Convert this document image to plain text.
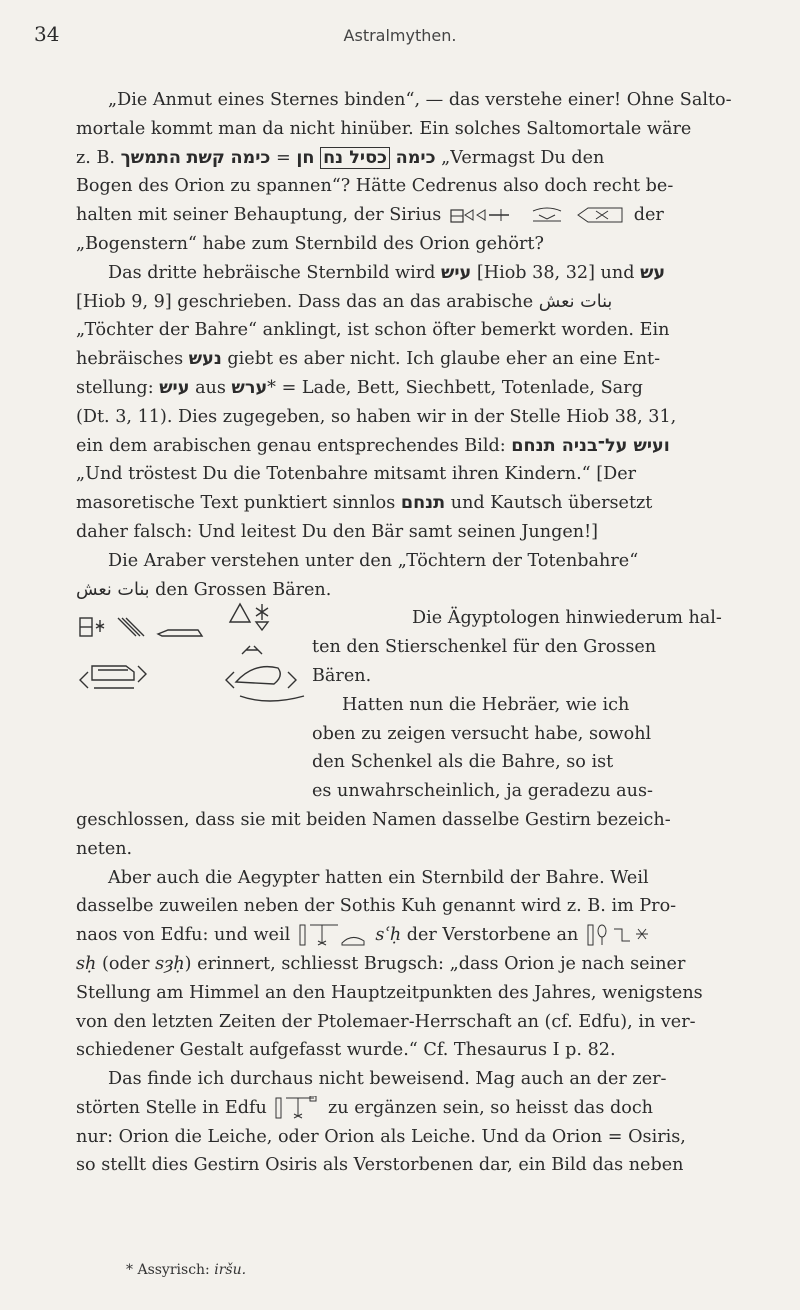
34	Astralmythen.
„Die Anmut eines Sternes binden“, — das verstehe einer! Ohne Salto-
mortale kommt man da nicht hinüber. Ein solches Saltomortale wäre
z. B.	כימה כסיל נח חן = כימה קשת התמשך	„Vermagst Du den
Bogen des Orion zu spannen“? Hätte Cedrenus also doch recht be-
halten mit seiner Behauptung, der Sirius	der
„Bogenstern“ habe zum Sternbild des Orion gehört?
Das dritte hebräische Sternbild wird עיש [Hiob 38, 32] und עש
[Hiob 9, 9] geschrieben. Dass das an das arabische بنات نعش
„Töchter der Bahre“ anklingt, ist schon öfter bemerkt worden. Ein
hebräisches נעש giebt es aber nicht. Ich glaube eher an eine Ent-
stellung: עיש aus ערש* = Lade, Bett, Siechbett, Totenlade, Sarg
(Dt. 3, 11). Dies zugegeben, so haben wir in der Stelle Hiob 38, 31,
ein dem arabischen genau entsprechendes Bild: ועיש על־בניה תנחם
„Und tröstest Du die Totenbahre mitsamt ihren Kindern.“ [Der
masoretische Text punktiert sinnlos תנחם und Kautsch übersetzt
daher falsch: Und leitest Du den Bär samt seinen Jungen!]
Die Araber verstehen unter den „Töchtern der Totenbahre“
بنات نعش den Grossen Bären.
Die Ägyptologen hinwiederum hal-
ten den Stierschenkel für den Grossen
Bären.
Hatten nun die Hebräer, wie ich
oben zu zeigen versucht habe, sowohl
den Schenkel als die Bahre, so ist
es unwahrscheinlich, ja geradezu aus-
geschlossen, dass sie mit beiden Namen dasselbe Gestirn bezeich-
neten.
Aber auch die Aegypter hatten ein Sternbild der Bahre. Weil
dasselbe zuweilen neben der Sothis Kuh genannt wird z. B. im Pro-
naos von Edfu: und weil	sʿḥ der Verstorbene an
sḥ (oder sȝḥ) erinnert, schliesst Brugsch: „dass Orion je nach seiner
Stellung am Himmel an den Hauptzeitpunkten des Jahres, wenigstens
von den letzten Zeiten der Ptolemaer-Herrschaft an (cf. Edfu), in ver-
schiedener Gestalt aufgefasst wurde.“ Cf. Thesaurus I p. 82.
Das finde ich durchaus nicht beweisend. Mag auch an der zer-
störten Stelle in Edfu	zu ergänzen sein, so heisst das doch
nur: Orion die Leiche, oder Orion als Leiche. Und da Orion = Osiris,
so stellt dies Gestirn Osiris als Verstorbenen dar, ein Bild das neben
* Assyrisch: iršu.
